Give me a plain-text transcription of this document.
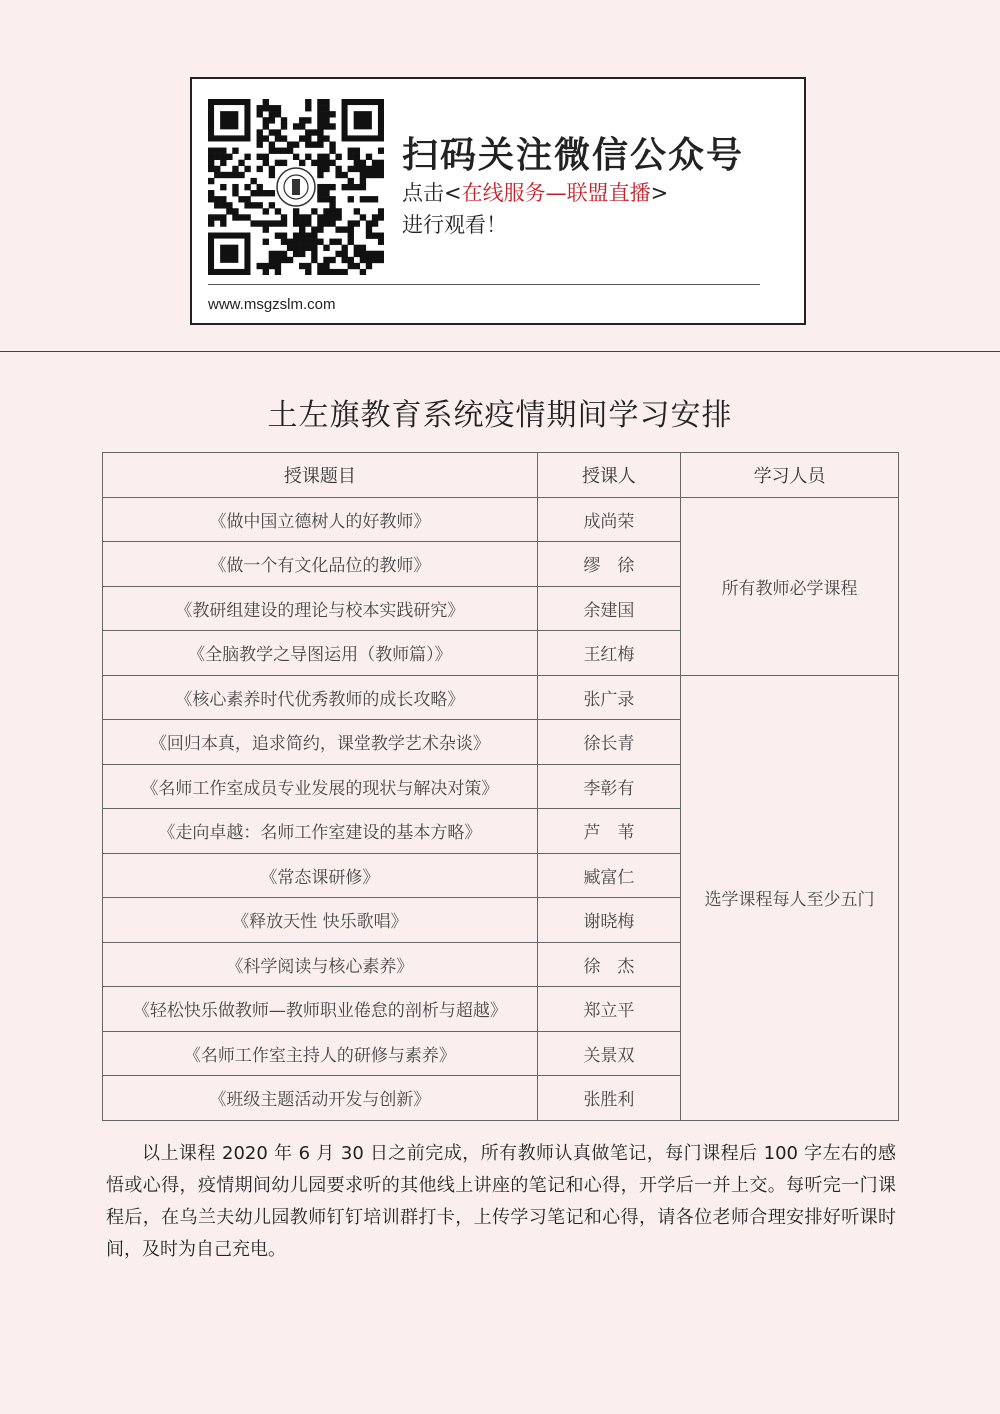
扫码关注微信公众号
点击<在线服务—联盟直播>
进行观看！
www.msgzslm.com
土左旗教育系统疫情期间学习安排
授课题目	授课人	学习人员
《做中国立德树人的好教师》	成尚荣	所有教师必学课程
《做一个有文化品位的教师》	缪　徐	
《教研组建设的理论与校本实践研究》	余建国	
《全脑教学之导图运用（教师篇）》	王红梅	
《核心素养时代优秀教师的成长攻略》	张广录	选学课程每人至少五门
《回归本真，追求简约，课堂教学艺术杂谈》	徐长青	
《名师工作室成员专业发展的现状与解决对策》	李彰有	
《走向卓越：名师工作室建设的基本方略》	芦　苇	
《常态课研修》	臧富仁	
《释放天性 快乐歌唱》	谢晓梅	
《科学阅读与核心素养》	徐　杰	
《轻松快乐做教师—教师职业倦怠的剖析与超越》	郑立平	
《名师工作室主持人的研修与素养》	关景双	
《班级主题活动开发与创新》	张胜利	
以上课程 2020 年 6 月 30 日之前完成，所有教师认真做笔记，每门课程后 100 字左右的感悟或心得，疫情期间幼儿园要求听的其他线上讲座的笔记和心得，开学后一并上交。每听完一门课程后，在乌兰夫幼儿园教师钉钉培训群打卡，上传学习笔记和心得，请各位老师合理安排好听课时间，及时为自己充电。
